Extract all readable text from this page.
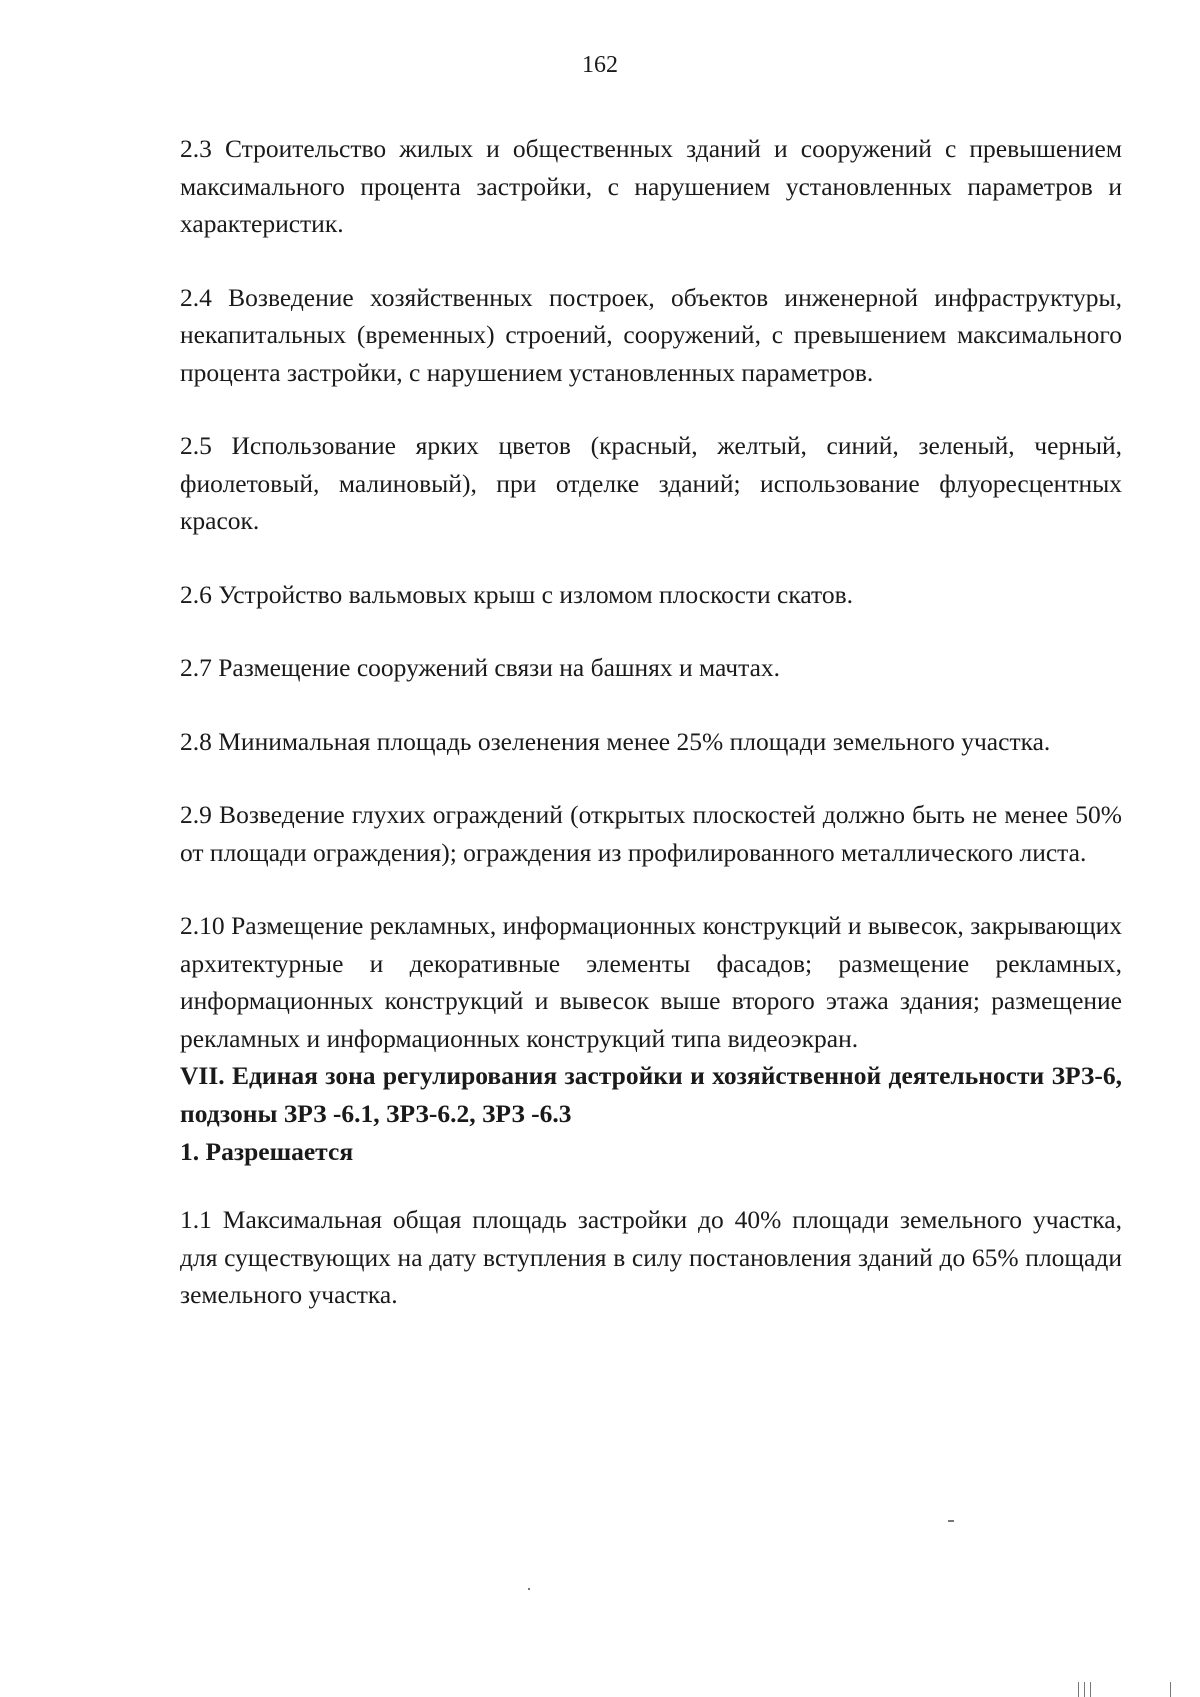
162

2.3 Строительство жилых и общественных зданий и сооружений с превышением максимального процента застройки, с нарушением установленных параметров и характеристик.

2.4 Возведение хозяйственных построек, объектов инженерной инфраструктуры, некапитальных (временных) строений, сооружений, с превышением максимального процента застройки, с нарушением установленных параметров.

2.5 Использование ярких цветов (красный, желтый, синий, зеленый, черный, фиолетовый, малиновый), при отделке зданий; использование флуоресцентных красок.

2.6 Устройство вальмовых крыш с изломом плоскости скатов.

2.7 Размещение сооружений связи на башнях и мачтах.

2.8 Минимальная площадь озеленения менее 25% площади земельного участка.

2.9 Возведение глухих ограждений (открытых плоскостей должно быть не менее 50% от площади ограждения); ограждения из профилированного металлического листа.

2.10 Размещение рекламных, информационных конструкций и вывесок, закрывающих архитектурные и декоративные элементы фасадов; размещение рекламных, информационных конструкций и вывесок выше второго этажа здания; размещение рекламных и информационных конструкций типа видеоэкран.

VII. Единая зона регулирования застройки и хозяйственной деятельности ЗРЗ-6, подзоны ЗРЗ -6.1, ЗРЗ-6.2, ЗРЗ -6.3

1. Разрешается

1.1 Максимальная общая площадь застройки до 40% площади земельного участка, для существующих на дату вступления в силу постановления зданий до 65% площади земельного участка.
